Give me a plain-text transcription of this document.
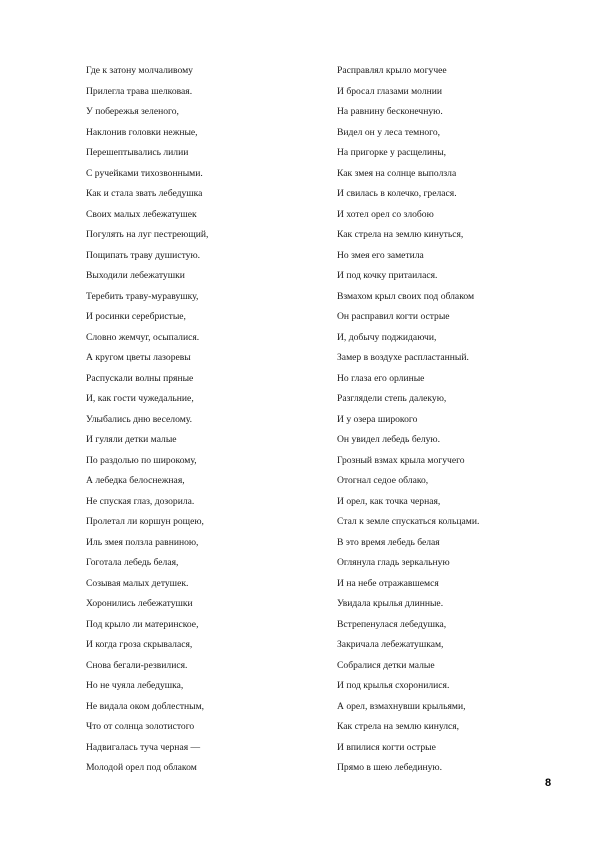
Где к затону молчаливому
Прилегла трава шелковая.
У побережья зеленого,
Наклонив головки нежные,
Перешептывались лилии
С ручейками тихозвонными.
Как и стала звать лебедушка
Своих малых лебежатушек
Погулять на луг пестреющий,
Пощипать траву душистую.
Выходили лебежатушки
Теребить траву-муравушку,
И росинки серебристые,
Словно жемчуг, осыпалися.
А кругом цветы лазоревы
Распускали волны пряные
И, как гости чужедальние,
Улыбались дню веселому.
И гуляли детки малые
По раздолью по широкому,
А лебедка белоснежная,
Не спуская глаз, дозорила.
Пролетал ли коршун рощею,
Иль змея ползла равниною,
Гоготала лебедь белая,
Созывая малых детушек.
Хоронились лебежатушки
Под крыло ли материнское,
И когда гроза скрывалася,
Снова бегали-резвилися.
Но не чуяла лебедушка,
Не видала оком доблестным,
Что от солнца золотистого
Надвигалась туча черная —
Молодой орел под облаком
Расправлял крыло могучее
И бросал глазами молнии
На равнину бесконечную.
Видел он у леса темного,
На пригорке у расщелины,
Как змея на солнце выползла
И свилась в колечко, грелася.
И хотел орел со злобою
Как стрела на землю кинуться,
Но змея его заметила
И под кочку притаилася.
Взмахом крыл своих под облаком
Он расправил когти острые
И, добычу поджидаючи,
Замер в воздухе распластанный.
Но глаза его орлиные
Разглядели степь далекую,
И у озера широкого
Он увидел лебедь белую.
Грозный взмах крыла могучего
Отогнал седое облако,
И орел, как точка черная,
Стал к земле спускаться кольцами.
В это время лебедь белая
Оглянула гладь зеркальную
И на небе отражавшемся
Увидала крылья длинные.
Встрепенулася лебедушка,
Закричала лебежатушкам,
Собралися детки малые
И под крылья схоронилися.
А орел, взмахнувши крыльями,
Как стрела на землю кинулся,
И впилися когти острые
Прямо в шею лебединую.
8
